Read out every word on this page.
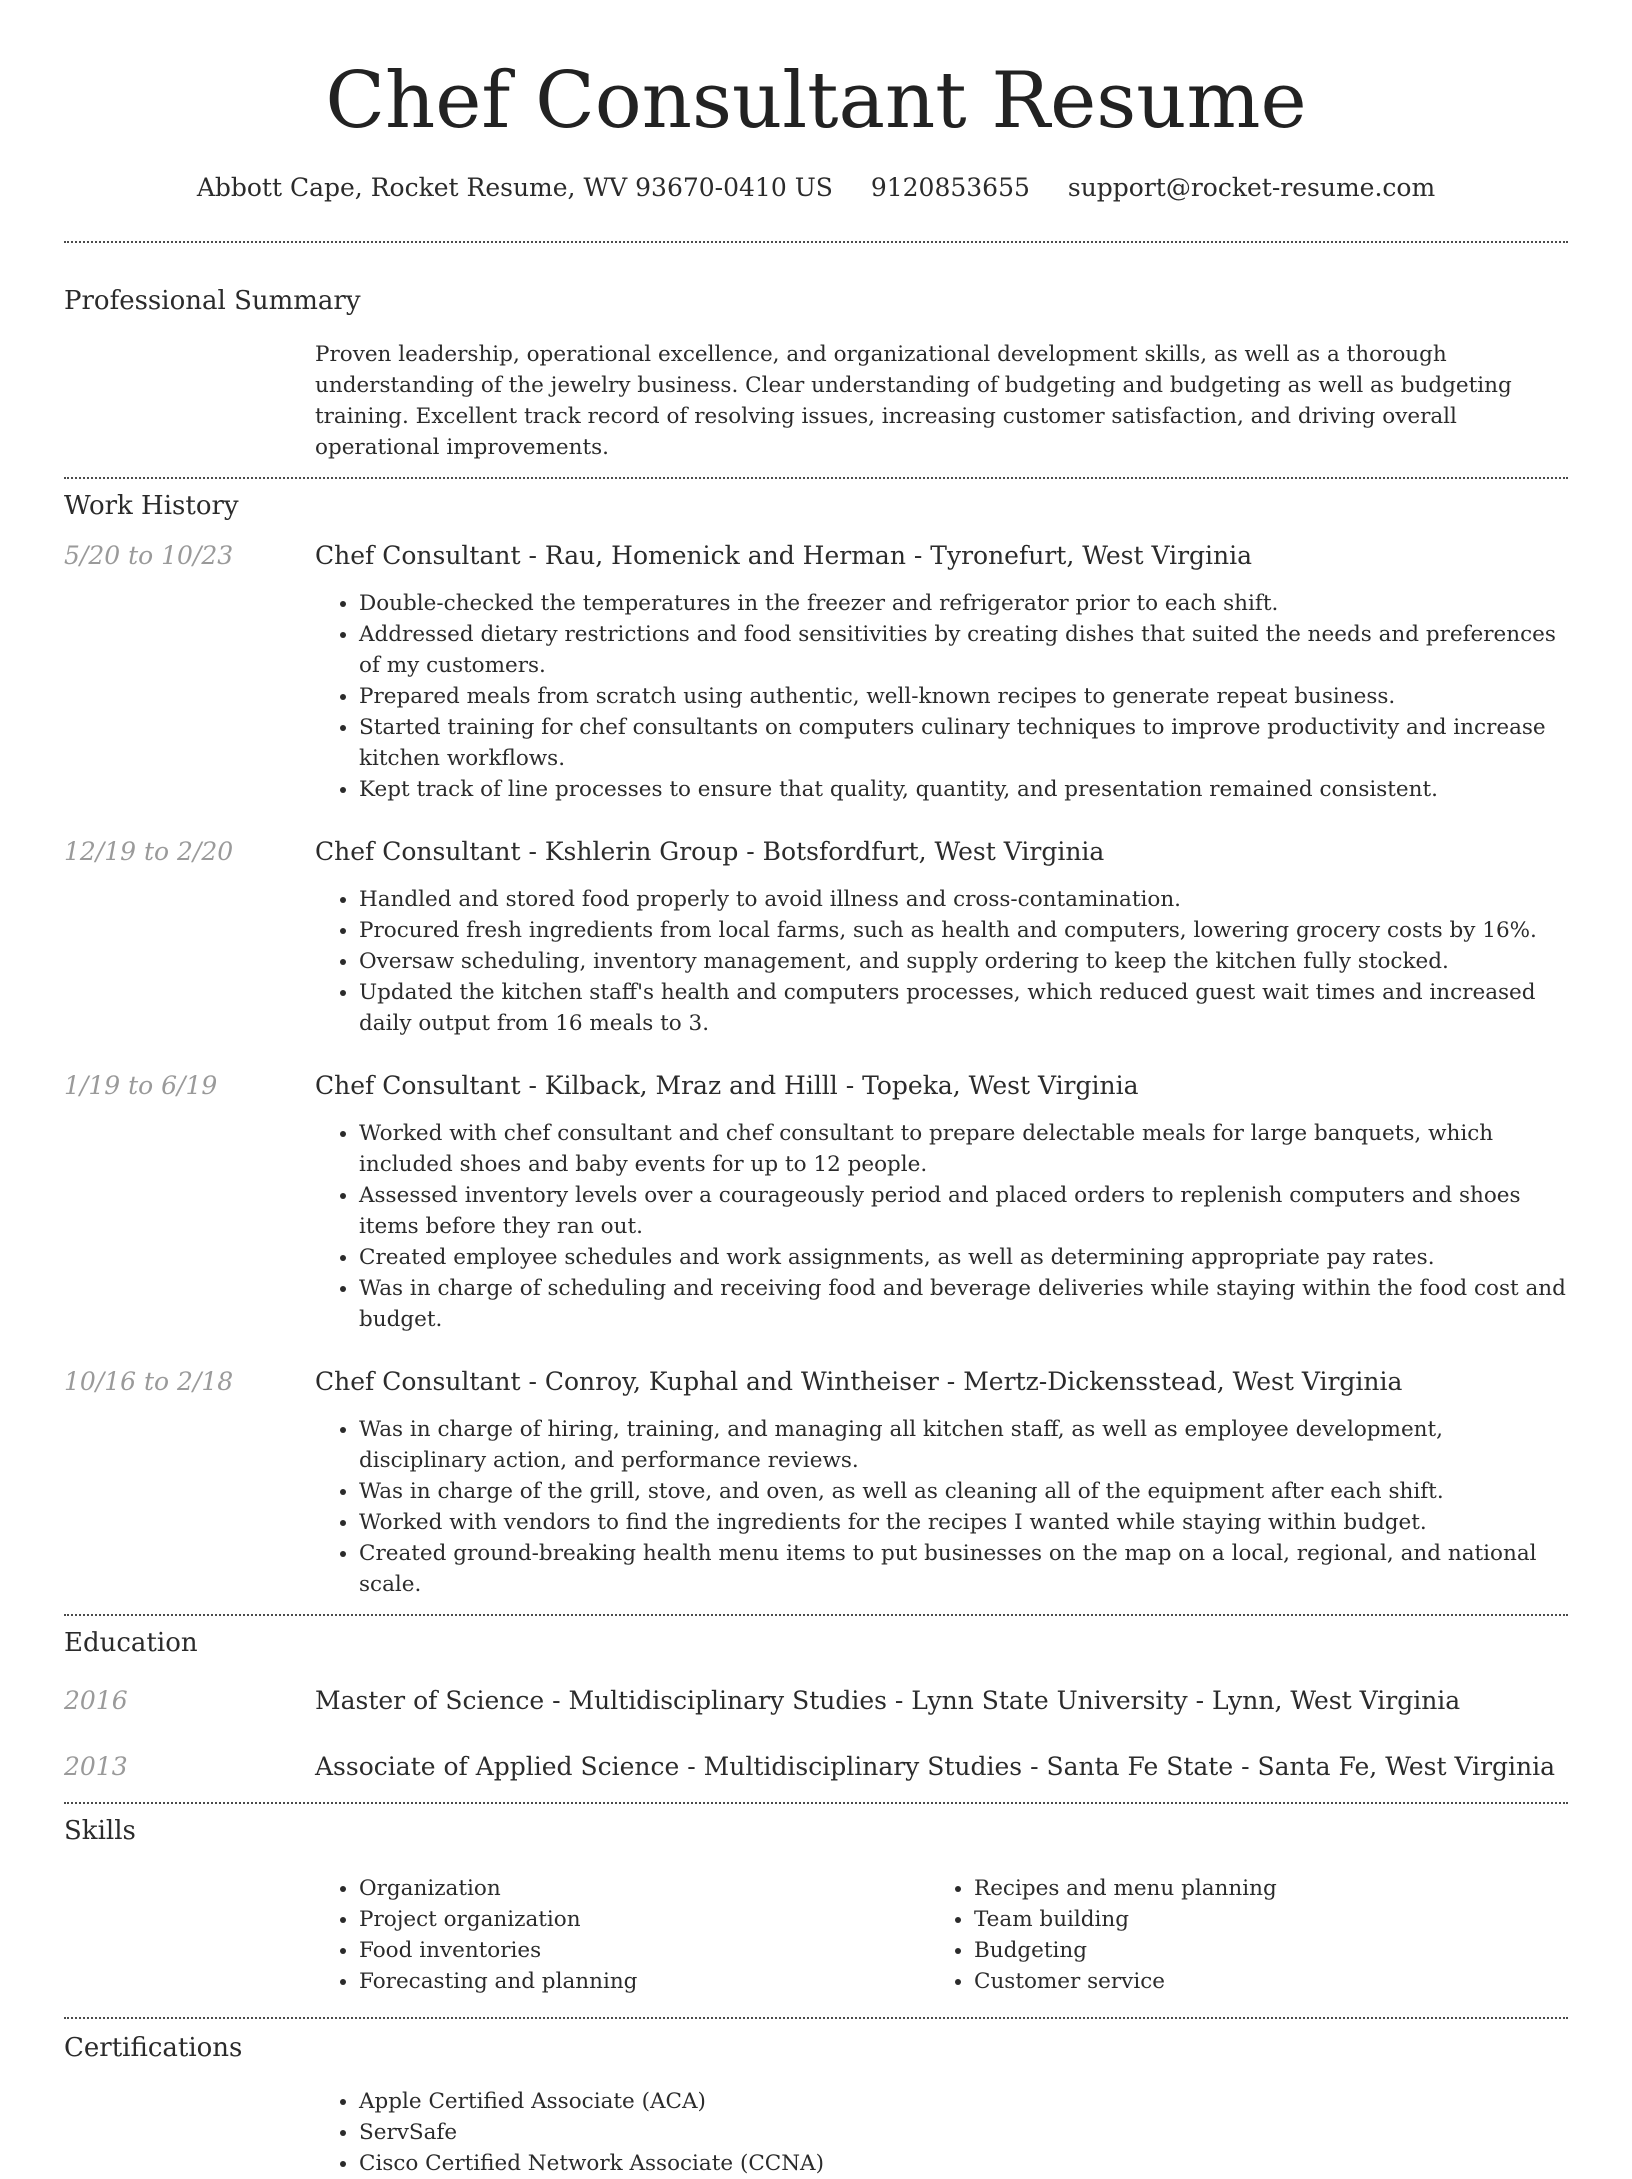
Chef Consultant Resume
Abbott Cape, Rocket Resume, WV 93670-0410 US 9120853655 support@rocket-resume.com
Professional Summary

Proven leadership, operational excellence, and organizational development skills, as well as a thorough understanding of the jewelry business. Clear understanding of budgeting and budgeting as well as budgeting training. Excellent track record of resolving issues, increasing customer satisfaction, and driving overall operational improvements.

Work History
5/20 to 10/23	Chef Consultant - Rau, Homenick and Herman - Tyronefurt, West Virginia
• Double-checked the temperatures in the freezer and refrigerator prior to each shift.
• Addressed dietary restrictions and food sensitivities by creating dishes that suited the needs and preferences of my customers.
• Prepared meals from scratch using authentic, well-known recipes to generate repeat business.
• Started training for chef consultants on computers culinary techniques to improve productivity and increase kitchen workflows.
• Kept track of line processes to ensure that quality, quantity, and presentation remained consistent.
12/19 to 2/20	Chef Consultant - Kshlerin Group - Botsfordfurt, West Virginia
• Handled and stored food properly to avoid illness and cross-contamination.
• Procured fresh ingredients from local farms, such as health and computers, lowering grocery costs by 16%.
• Oversaw scheduling, inventory management, and supply ordering to keep the kitchen fully stocked.
• Updated the kitchen staff's health and computers processes, which reduced guest wait times and increased daily output from 16 meals to 3.
1/19 to 6/19	Chef Consultant - Kilback, Mraz and Hilll - Topeka, West Virginia
• Worked with chef consultant and chef consultant to prepare delectable meals for large banquets, which included shoes and baby events for up to 12 people.
• Assessed inventory levels over a courageously period and placed orders to replenish computers and shoes items before they ran out.
• Created employee schedules and work assignments, as well as determining appropriate pay rates.
• Was in charge of scheduling and receiving food and beverage deliveries while staying within the food cost and budget.
10/16 to 2/18	Chef Consultant - Conroy, Kuphal and Wintheiser - Mertz-Dickensstead, West Virginia
• Was in charge of hiring, training, and managing all kitchen staff, as well as employee development, disciplinary action, and performance reviews.
• Was in charge of the grill, stove, and oven, as well as cleaning all of the equipment after each shift.
• Worked with vendors to find the ingredients for the recipes I wanted while staying within budget.
• Created ground-breaking health menu items to put businesses on the map on a local, regional, and national scale.
Education
2016	Master of Science - Multidisciplinary Studies - Lynn State University - Lynn, West Virginia
2013	Associate of Applied Science - Multidisciplinary Studies - Santa Fe State - Santa Fe, West Virginia
Skills
• Organization
• Project organization
• Food inventories
• Forecasting and planning
• Recipes and menu planning
• Team building
• Budgeting
• Customer service
Certifications
• Apple Certified Associate (ACA)
• ServSafe
• Cisco Certified Network Associate (CCNA)
